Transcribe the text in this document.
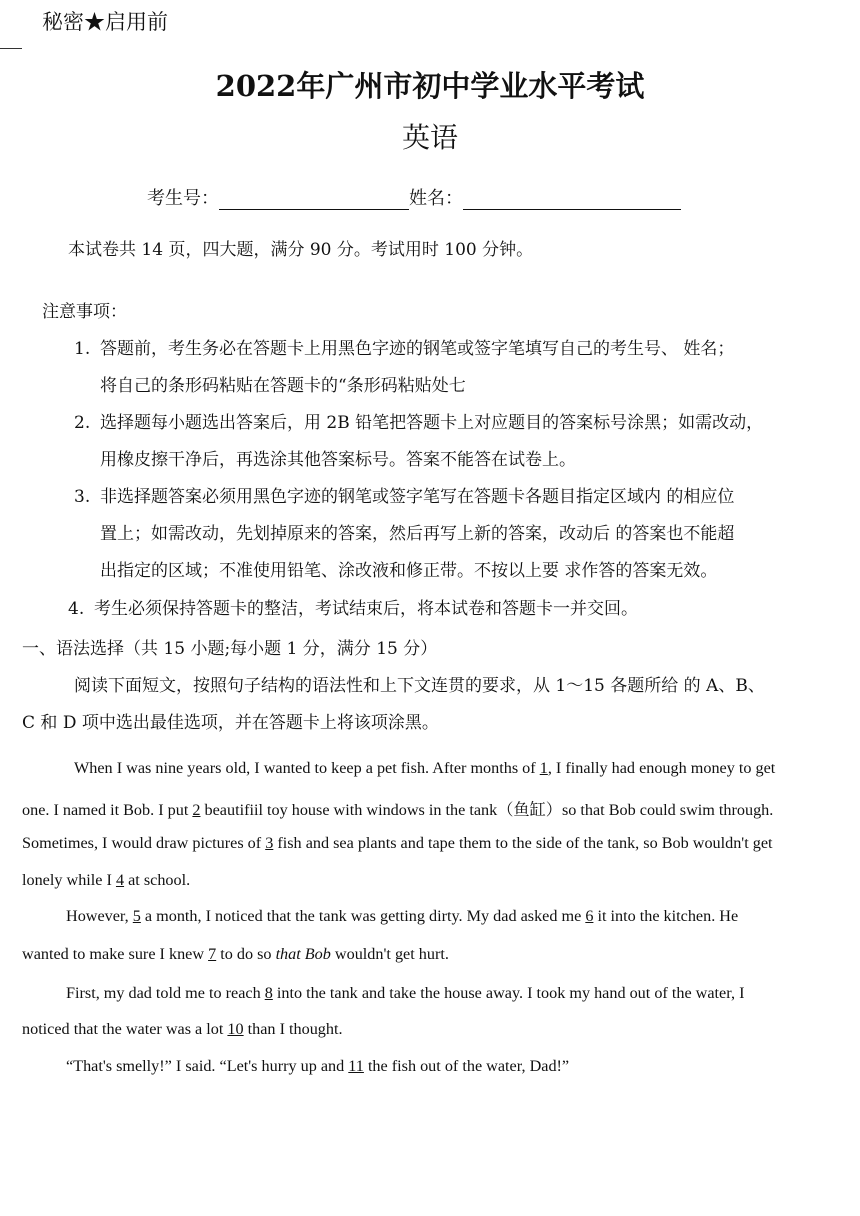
秘密★启用前
2022年广州市初中学业水平考试
英语
考生号：	姓名：
本试卷共 14 页，四大题，满分 90 分。考试用时 100 分钟。
注意事项：
1. 答题前，考生务必在答题卡上用黑色字迹的钢笔或签字笔填写自己的考生号、 姓名；
将自己的条形码粘贴在答题卡的“条形码粘贴处七
2. 选择题每小题选出答案后，用 2B 铅笔把答题卡上对应题目的答案标号涂黑；如需改动，
用橡皮擦干净后，再选涂其他答案标号。答案不能答在试卷上。
3. 非选择题答案必须用黑色字迹的钢笔或签字笔写在答题卡各题目指定区域内 的相应位
置上；如需改动，先划掉原来的答案，然后再写上新的答案，改动后 的答案也不能超
出指定的区域；不准使用铅笔、涂改液和修正带。不按以上要 求作答的答案无效。
4. 考生必须保持答题卡的整洁，考试结束后，将本试卷和答题卡一并交回。
一、语法选择（共 15 小题;每小题 1 分，满分 15 分）
阅读下面短文，按照句子结构的语法性和上下文连贯的要求，从 1～15 各题所给 的 A、B、
C 和 D 项中选出最佳选项，并在答题卡上将该项涂黑。
When I was nine years old, I wanted to keep a pet fish. After months of 1, I finally had enough money to get
one. I named it Bob. I put 2 beautifiil toy house with windows in the tank（鱼缸）so that Bob could swim through.
Sometimes, I would draw pictures of 3 fish and sea plants and tape them to the side of the tank, so Bob wouldn't get
lonely while I 4 at school.
However, 5 a month, I noticed that the tank was getting dirty. My dad asked me 6 it into the kitchen. He
wanted to make sure I knew 7 to do so that Bob wouldn't get hurt.
First, my dad told me to reach 8 into the tank and take the house away. I took my hand out of the water, I
noticed that the water was a lot 10 than I thought.
“That's smelly!” I said. “Let's hurry up and 11 the fish out of the water, Dad!”
